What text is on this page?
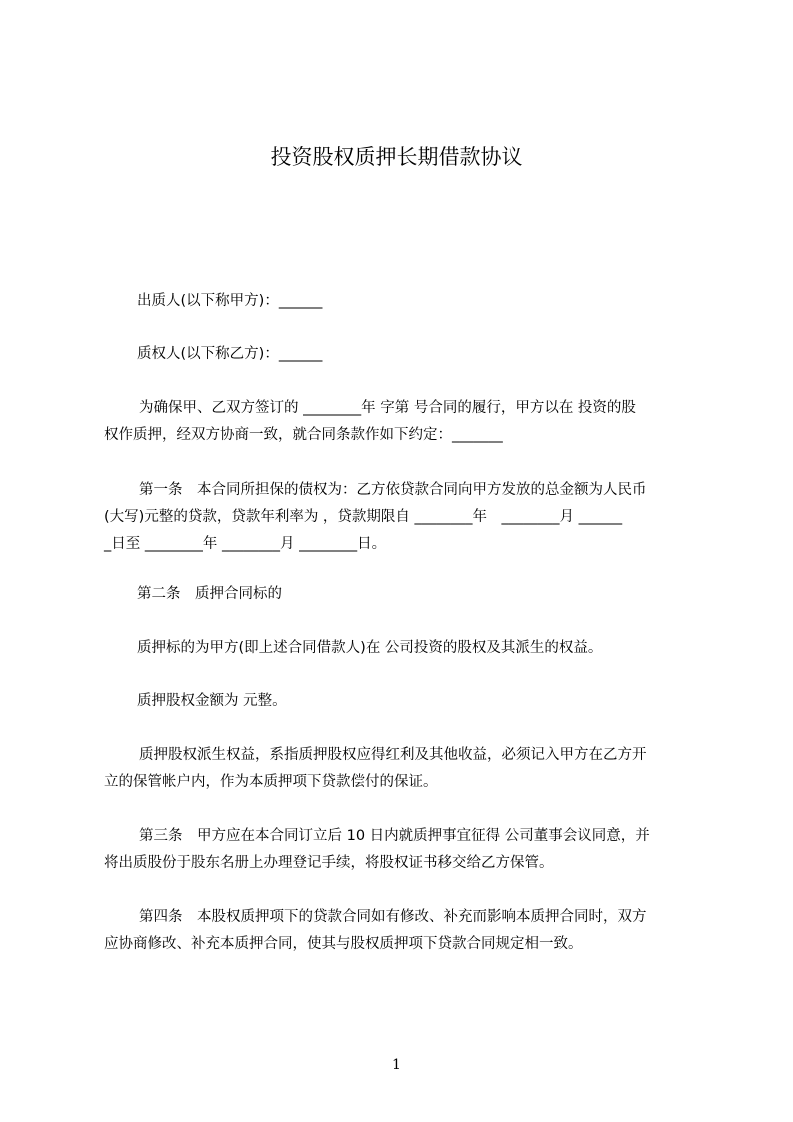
投资股权质押长期借款协议
出质人(以下称甲方)：______
质权人(以下称乙方)：______
为确保甲、乙双方签订的 ________年 字第 号合同的履行，甲方以在 投资的股
权作质押，经双方协商一致，就合同条款作如下约定：_______
第一条　本合同所担保的债权为：乙方依贷款合同向甲方发放的总金额为人民币
(大写)元整的贷款，贷款年利率为 ，贷款期限自 ________年　________月 ______
_日至 ________年 ________月 ________日。
第二条　质押合同标的
质押标的为甲方(即上述合同借款人)在 公司投资的股权及其派生的权益。
质押股权金额为 元整。
质押股权派生权益，系指质押股权应得红利及其他收益，必须记入甲方在乙方开
立的保管帐户内，作为本质押项下贷款偿付的保证。
第三条　甲方应在本合同订立后 10 日内就质押事宜征得 公司董事会议同意，并
将出质股份于股东名册上办理登记手续，将股权证书移交给乙方保管。
第四条　本股权质押项下的贷款合同如有修改、补充而影响本质押合同时，双方
应协商修改、补充本质押合同，使其与股权质押项下贷款合同规定相一致。
1
